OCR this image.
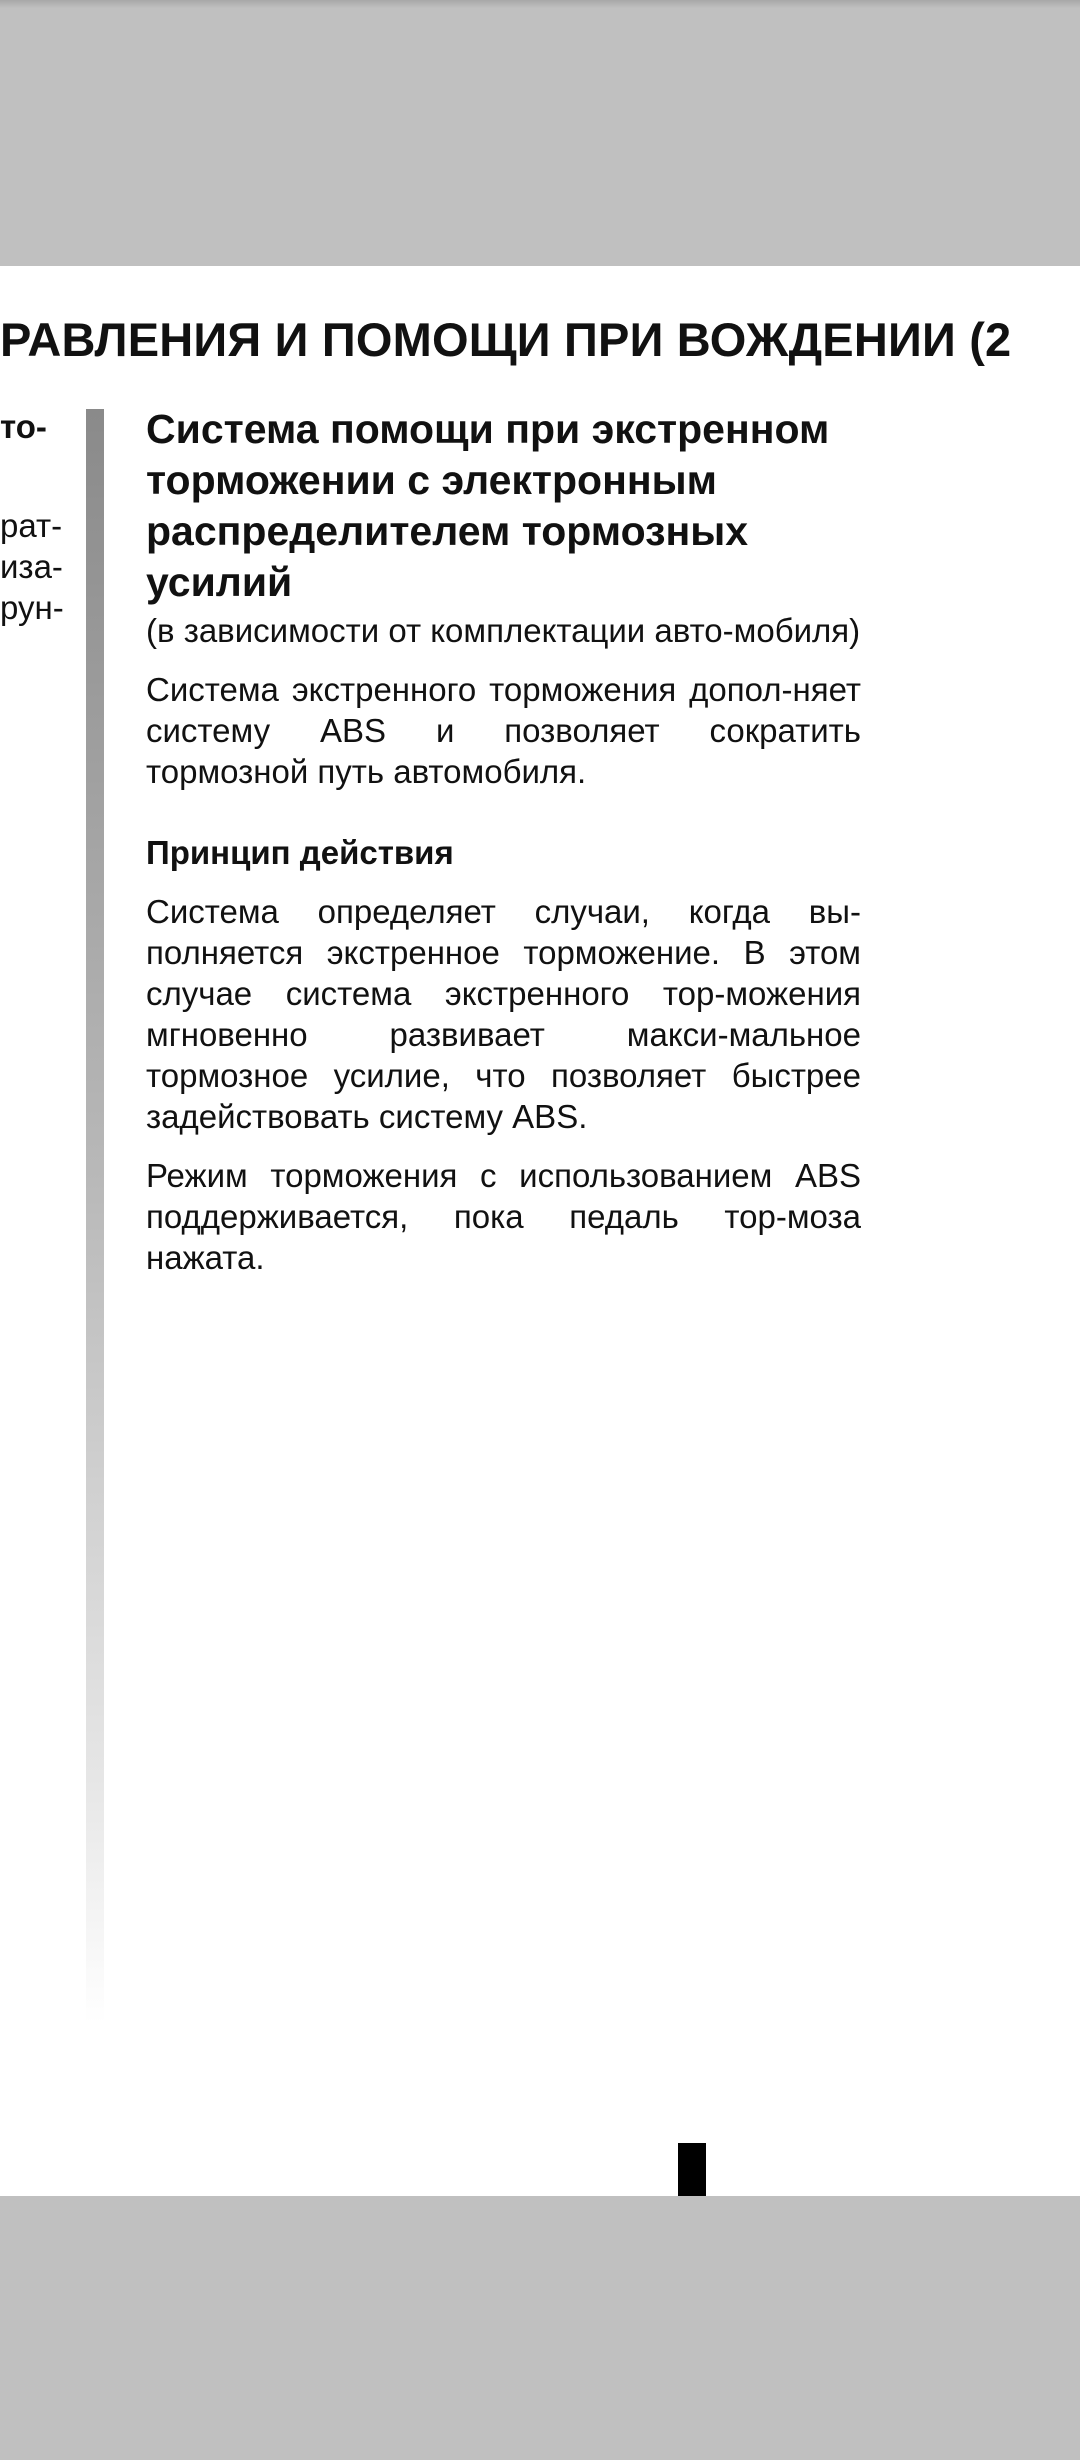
РАВЛЕНИЯ И ПОМОЩИ ПРИ ВОЖДЕНИИ (2
то-
рат-
иза-
рун-
Система помощи при экстренном
торможении с электронным
распределителем тормозных
усилий

(в зависимости от комплектации авто-мобиля)

Система экстренного торможения допол-няет систему ABS и позволяет сократить тормозной путь автомобиля.

Принцип действия

Система определяет случаи, когда вы-полняется экстренное торможение. В этом случае система экстренного тор-можения мгновенно развивает макси-мальное тормозное усилие, что позволяет быстрее задействовать систему ABS.

Режим торможения с использованием ABS поддерживается, пока педаль тор-моза нажата.
